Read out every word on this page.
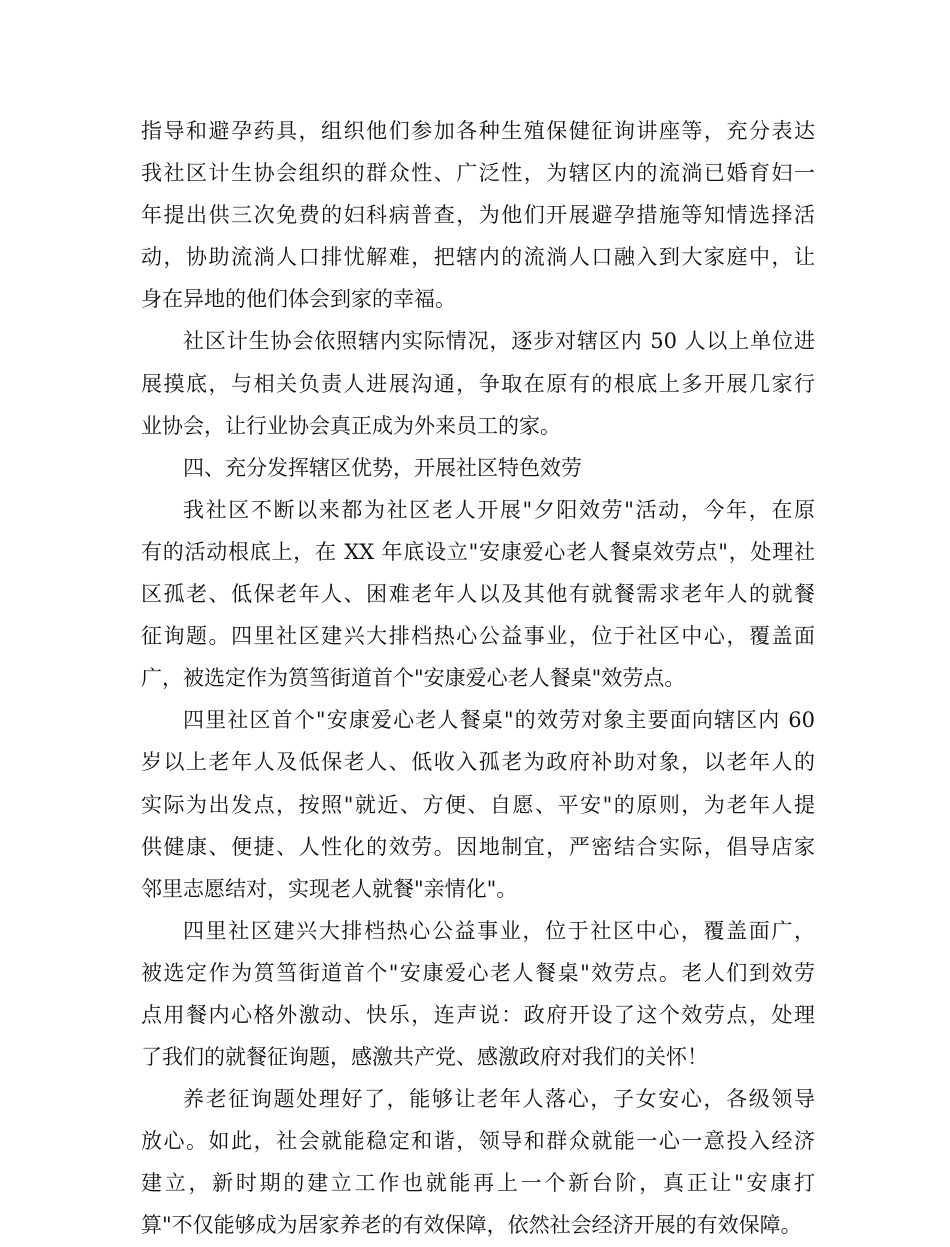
指导和避孕药具，组织他们参加各种生殖保健征询讲座等，充分表达
我社区计生协会组织的群众性、广泛性，为辖区内的流淌已婚育妇一
年提出供三次免费的妇科病普查，为他们开展避孕措施等知情选择活
动，协助流淌人口排忧解难，把辖内的流淌人口融入到大家庭中，让
身在异地的他们体会到家的幸福。
社区计生协会依照辖内实际情况，逐步对辖区内 50 人以上单位进
展摸底，与相关负责人进展沟通，争取在原有的根底上多开展几家行
业协会，让行业协会真正成为外来员工的家。
四、充分发挥辖区优势，开展社区特色效劳
我社区不断以来都为社区老人开展"夕阳效劳"活动，今年，在原
有的活动根底上，在 XX 年底设立"安康爱心老人餐桌效劳点"，处理社
区孤老、低保老年人、困难老年人以及其他有就餐需求老年人的就餐
征询题。四里社区建兴大排档热心公益事业，位于社区中心，覆盖面
广，被选定作为筼筜街道首个"安康爱心老人餐桌"效劳点。
四里社区首个"安康爱心老人餐桌"的效劳对象主要面向辖区内 60
岁以上老年人及低保老人、低收入孤老为政府补助对象，以老年人的
实际为出发点，按照"就近、方便、自愿、平安"的原则，为老年人提
供健康、便捷、人性化的效劳。因地制宜，严密结合实际，倡导店家
邻里志愿结对，实现老人就餐"亲情化"。
四里社区建兴大排档热心公益事业，位于社区中心，覆盖面广，
被选定作为筼筜街道首个"安康爱心老人餐桌"效劳点。老人们到效劳
点用餐内心格外激动、快乐，连声说：政府开设了这个效劳点，处理
了我们的就餐征询题，感激共产党、感激政府对我们的关怀！
养老征询题处理好了，能够让老年人落心，子女安心，各级领导
放心。如此，社会就能稳定和谐，领导和群众就能一心一意投入经济
建立，新时期的建立工作也就能再上一个新台阶，真正让"安康打
算"不仅能够成为居家养老的有效保障，依然社会经济开展的有效保障。
